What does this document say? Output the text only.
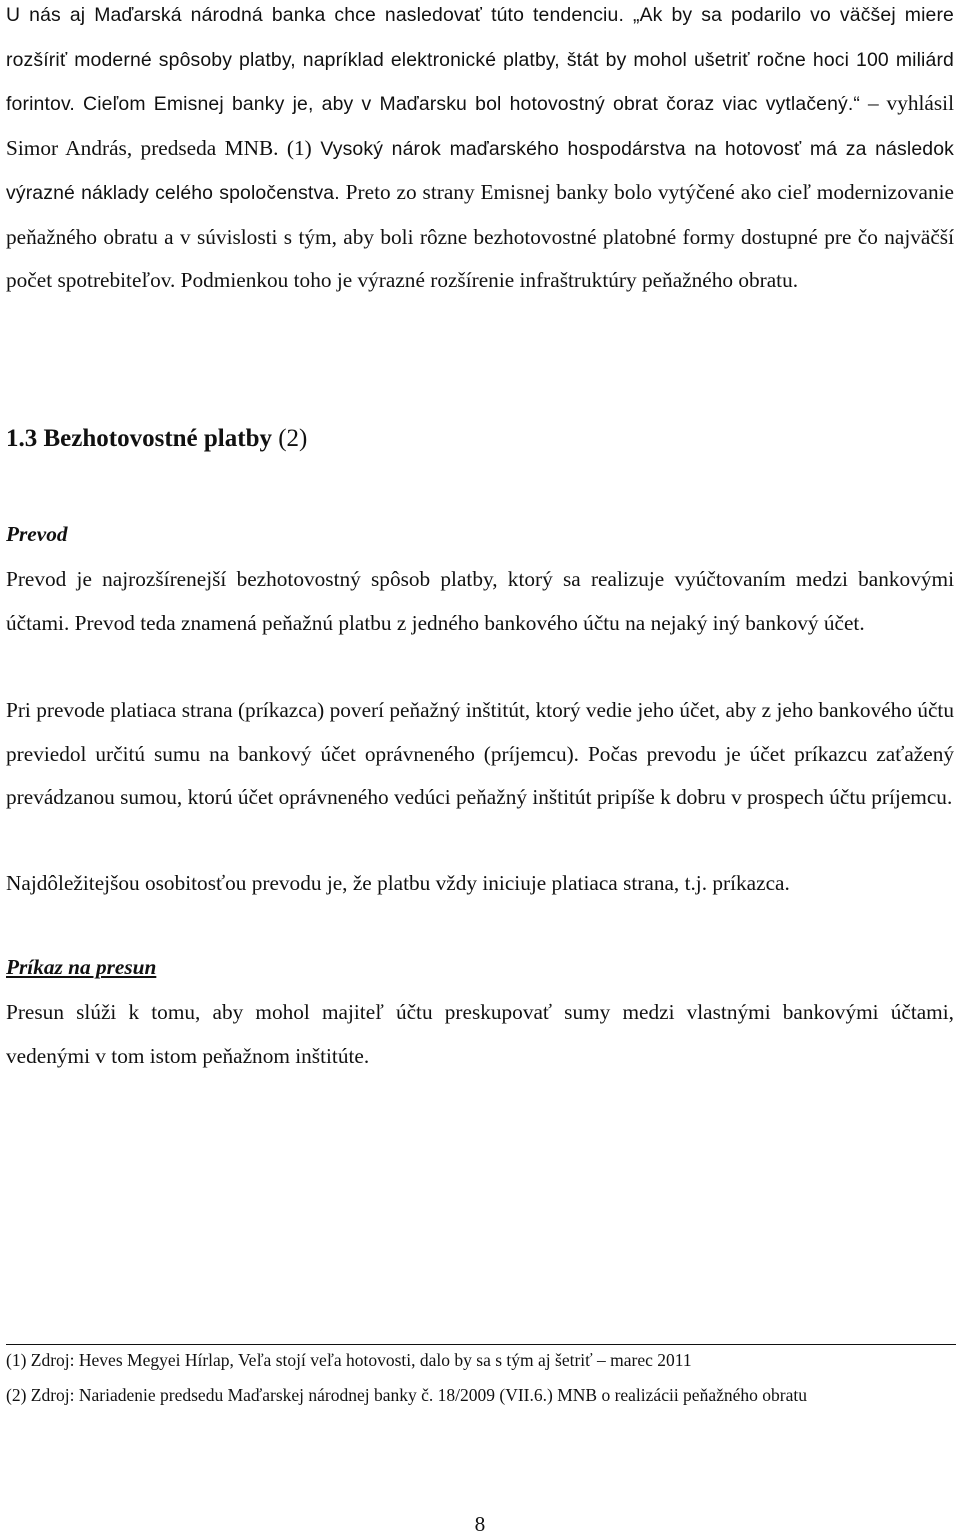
U nás aj Maďarská národná banka chce nasledovať túto tendenciu. „Ak by sa podarilo vo väčšej miere rozšíriť moderné spôsoby platby, napríklad elektronické platby, štát by mohol ušetriť ročne hoci 100 miliárd forintov. Cieľom Emisnej banky je, aby v Maďarsku bol hotovostný obrat čoraz viac vytlačený.“ – vyhlásil Simor András, predseda MNB. (1) Vysoký nárok maďarského hospodárstva na hotovosť má za následok výrazné náklady celého spoločenstva. Preto zo strany Emisnej banky bolo vytýčené ako cieľ modernizovanie peňažného obratu a v súvislosti s tým, aby boli rôzne bezhotovostné platobné formy dostupné pre čo najväčší počet spotrebiteľov. Podmienkou toho je výrazné rozšírenie infraštruktúry peňažného obratu.

1.3 Bezhotovostné platby (2)
Prevod

Prevod je najrozšírenejší bezhotovostný spôsob platby, ktorý sa realizuje vyúčtovaním medzi bankovými účtami. Prevod teda znamená peňažnú platbu z jedného bankového účtu na nejaký iný bankový účet.

Pri prevode platiaca strana (príkazca) poverí peňažný inštitút, ktorý vedie jeho účet, aby z jeho bankového účtu previedol určitú sumu na bankový účet oprávneného (príjemcu). Počas prevodu je účet príkazcu zaťažený prevádzanou sumou, ktorú účet oprávneného vedúci peňažný inštitút pripíše k dobru v prospech účtu príjemcu.

Najdôležitejšou osobitosťou prevodu je, že platbu vždy iniciuje platiaca strana, t.j. príkazca.

Príkaz na presun

Presun slúži k tomu, aby mohol majiteľ účtu preskupovať sumy medzi vlastnými bankovými účtami, vedenými v tom istom peňažnom inštitúte.

(1) Zdroj: Heves Megyei Hírlap, Veľa stojí veľa hotovosti, dalo by sa s tým aj šetriť – marec 2011

(2) Zdroj: Nariadenie predsedu Maďarskej národnej banky č. 18/2009 (VII.6.) MNB o realizácii peňažného obratu

8
